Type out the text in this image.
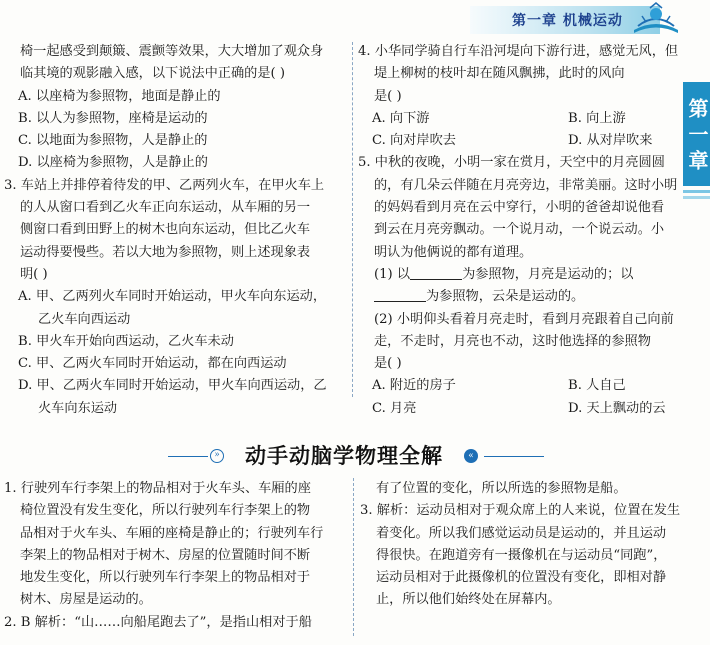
第一章 机械运动
第一章

椅一起感受到颠簸、震颤等效果，大大增加了观众身

临其境的观影融入感，以下说法中正确的是( )

A. 以座椅为参照物，地面是静止的

B. 以人为参照物，座椅是运动的

C. 以地面为参照物，人是静止的

D. 以座椅为参照物，人是静止的

3. 车站上并排停着待发的甲、乙两列火车，在甲火车上

的人从窗口看到乙火车正向东运动，从车厢的另一

侧窗口看到田野上的树木也向东运动，但比乙火车

运动得要慢些。若以大地为参照物，则上述现象表

明( )

A. 甲、乙两列火车同时开始运动，甲火车向东运动，

乙火车向西运动

B. 甲火车开始向西运动，乙火车未动

C. 甲、乙两火车同时开始运动，都在向西运动

D. 甲、乙两火车同时开始运动，甲火车向西运动，乙

火车向东运动

4. 小华同学骑自行车沿河堤向下游行进，感觉无风，但

堤上柳树的枝叶却在随风飘拂，此时的风向

是( )

A. 向下游	B. 向上游
C. 向对岸吹去	D. 从对岸吹来

5. 中秋的夜晚，小明一家在赏月，天空中的月亮圆圆

的，有几朵云伴随在月亮旁边，非常美丽。这时小明

的妈妈看到月亮在云中穿行，小明的爸爸却说他看

到云在月亮旁飘动。一个说月动，一个说云动。小

明认为他俩说的都有道理。

(1) 以	为参照物，月亮是运动的；以

为参照物，云朵是运动的。

(2) 小明仰头看着月亮走时，看到月亮跟着自己向前

走，不走时，月亮也不动，这时他选择的参照物

是( )

A. 附近的房子	B. 人自己
C. 月亮	D. 天上飘动的云
»	动手动脑学物理全解	«

1. 行驶列车行李架上的物品相对于火车头、车厢的座

椅位置没有发生变化，所以行驶列车行李架上的物

品相对于火车头、车厢的座椅是静止的；行驶列车行

李架上的物品相对于树木、房屋的位置随时间不断

地发生变化，所以行驶列车行李架上的物品相对于

树木、房屋是运动的。

2. B 解析：“山……向船尾跑去了”，是指山相对于船

有了位置的变化，所以所选的参照物是船。

3. 解析：运动员相对于观众席上的人来说，位置在发生

着变化。所以我们感觉运动员是运动的，并且运动

得很快。在跑道旁有一摄像机在与运动员“同跑”，

运动员相对于此摄像机的位置没有变化，即相对静

止，所以他们始终处在屏幕内。
